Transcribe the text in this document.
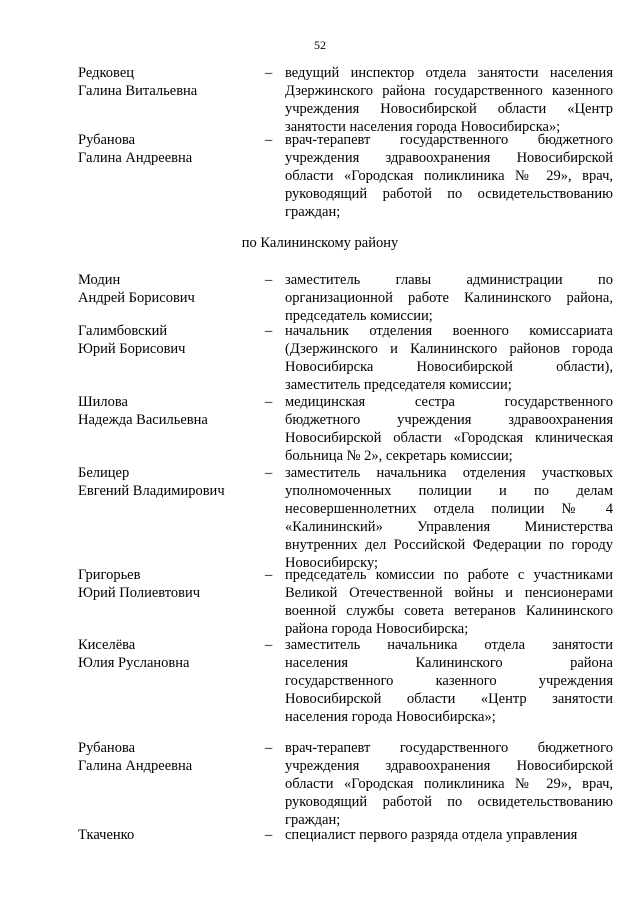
52
по Калининскому району
Редковец
Галина Витальевна
– ведущий инспектор отдела занятости населения
Дзержинского района государственного казенного
учреждения Новосибирской области «Центр
занятости населения города Новосибирска»;
Рубанова
Галина Андреевна
– врач-терапевт государственного бюджетного
учреждения здравоохранения Новосибирской
области «Городская поликлиника № 29», врач,
руководящий работой по освидетельствованию
граждан;
Модин
Андрей Борисович
– заместитель главы администрации по
организационной работе Калининского района,
председатель комиссии;
Галимбовский
Юрий Борисович
– начальник отделения военного комиссариата
(Дзержинского и Калининского районов города
Новосибирска Новосибирской области),
заместитель председателя комиссии;
Шилова
Надежда Васильевна
– медицинская сестра государственного
бюджетного учреждения здравоохранения
Новосибирской области «Городская клиническая
больница № 2», секретарь комиссии;
Белицер
Евгений Владимирович
– заместитель начальника отделения участковых
уполномоченных полиции и по делам
несовершеннолетних отдела полиции № 4
«Калининский» Управления Министерства
внутренних дел Российской Федерации по городу
Новосибирску;
Григорьев
Юрий Полиевтович
– председатель комиссии по работе с участниками
Великой Отечественной войны и пенсионерами
военной службы совета ветеранов Калининского
района города Новосибирска;
Киселёва
Юлия Руслановна
– заместитель начальника отдела занятости
населения Калининского района
государственного казенного учреждения
Новосибирской области «Центр занятости
населения города Новосибирска»;
Рубанова
Галина Андреевна
– врач-терапевт государственного бюджетного
учреждения здравоохранения Новосибирской
области «Городская поликлиника № 29», врач,
руководящий работой по освидетельствованию
граждан;
Ткаченко	– специалист первого разряда отдела управления
